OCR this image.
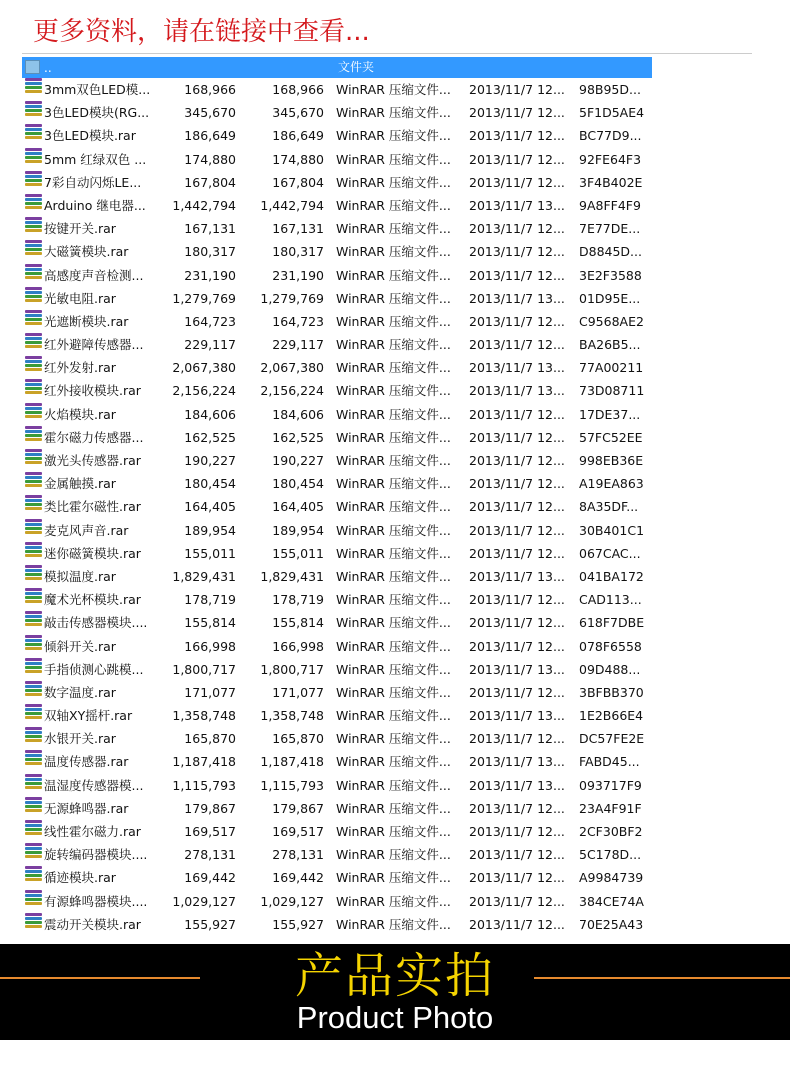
更多资料，请在链接中查看...
..	文件夹
3mm双色LED模...	168,966	168,966 WinRAR 压缩文件...	2013/11/7 12...	98B95D...
3色LED模块(RG...	345,670	345,670 WinRAR 压缩文件...	2013/11/7 12...	5F1D5AE4
3色LED模块.rar	186,649	186,649 WinRAR 压缩文件...	2013/11/7 12...	BC77D9...
5mm 红绿双色 ...	174,880	174,880 WinRAR 压缩文件...	2013/11/7 12...	92FE64F3
7彩自动闪烁LE...	167,804	167,804 WinRAR 压缩文件...	2013/11/7 12...	3F4B402E
Arduino 继电器...	1,442,794	1,442,794 WinRAR 压缩文件...	2013/11/7 13...	9A8FF4F9
按键开关.rar	167,131	167,131 WinRAR 压缩文件...	2013/11/7 12...	7E77DE...
大磁簧模块.rar	180,317	180,317 WinRAR 压缩文件...	2013/11/7 12...	D8845D...
高感度声音检测...	231,190	231,190 WinRAR 压缩文件...	2013/11/7 12...	3E2F3588
光敏电阻.rar	1,279,769	1,279,769 WinRAR 压缩文件...	2013/11/7 13...	01D95E...
光遮断模块.rar	164,723	164,723 WinRAR 压缩文件...	2013/11/7 12...	C9568AE2
红外避障传感器...	229,117	229,117 WinRAR 压缩文件...	2013/11/7 12...	BA26B5...
红外发射.rar	2,067,380	2,067,380 WinRAR 压缩文件...	2013/11/7 13...	77A00211
红外接收模块.rar	2,156,224	2,156,224 WinRAR 压缩文件...	2013/11/7 13...	73D08711
火焰模块.rar	184,606	184,606 WinRAR 压缩文件...	2013/11/7 12...	17DE37...
霍尔磁力传感器...	162,525	162,525 WinRAR 压缩文件...	2013/11/7 12...	57FC52EE
激光头传感器.rar	190,227	190,227 WinRAR 压缩文件...	2013/11/7 12...	998EB36E
金属触摸.rar	180,454	180,454 WinRAR 压缩文件...	2013/11/7 12...	A19EA863
类比霍尔磁性.rar	164,405	164,405 WinRAR 压缩文件...	2013/11/7 12...	8A35DF...
麦克风声音.rar	189,954	189,954 WinRAR 压缩文件...	2013/11/7 12...	30B401C1
迷你磁簧模块.rar	155,011	155,011 WinRAR 压缩文件...	2013/11/7 12...	067CAC...
模拟温度.rar	1,829,431	1,829,431 WinRAR 压缩文件...	2013/11/7 13...	041BA172
魔术光杯模块.rar	178,719	178,719 WinRAR 压缩文件...	2013/11/7 12...	CAD113...
敲击传感器模块....	155,814	155,814 WinRAR 压缩文件...	2013/11/7 12...	618F7DBE
倾斜开关.rar	166,998	166,998 WinRAR 压缩文件...	2013/11/7 12...	078F6558
手指侦测心跳模...	1,800,717	1,800,717 WinRAR 压缩文件...	2013/11/7 13...	09D488...
数字温度.rar	171,077	171,077 WinRAR 压缩文件...	2013/11/7 12...	3BFBB370
双轴XY摇杆.rar	1,358,748	1,358,748 WinRAR 压缩文件...	2013/11/7 13...	1E2B66E4
水银开关.rar	165,870	165,870 WinRAR 压缩文件...	2013/11/7 12...	DC57FE2E
温度传感器.rar	1,187,418	1,187,418 WinRAR 压缩文件...	2013/11/7 13...	FABD45...
温湿度传感器模...	1,115,793	1,115,793 WinRAR 压缩文件...	2013/11/7 13...	093717F9
无源蜂鸣器.rar	179,867	179,867 WinRAR 压缩文件...	2013/11/7 12...	23A4F91F
线性霍尔磁力.rar	169,517	169,517 WinRAR 压缩文件...	2013/11/7 12...	2CF30BF2
旋转编码器模块....	278,131	278,131 WinRAR 压缩文件...	2013/11/7 12...	5C178D...
循迹模块.rar	169,442	169,442 WinRAR 压缩文件...	2013/11/7 12...	A9984739
有源蜂鸣器模块....	1,029,127	1,029,127 WinRAR 压缩文件...	2013/11/7 12...	384CE74A
震动开关模块.rar	155,927	155,927 WinRAR 压缩文件...	2013/11/7 12...	70E25A43
产品实拍
Product Photo
